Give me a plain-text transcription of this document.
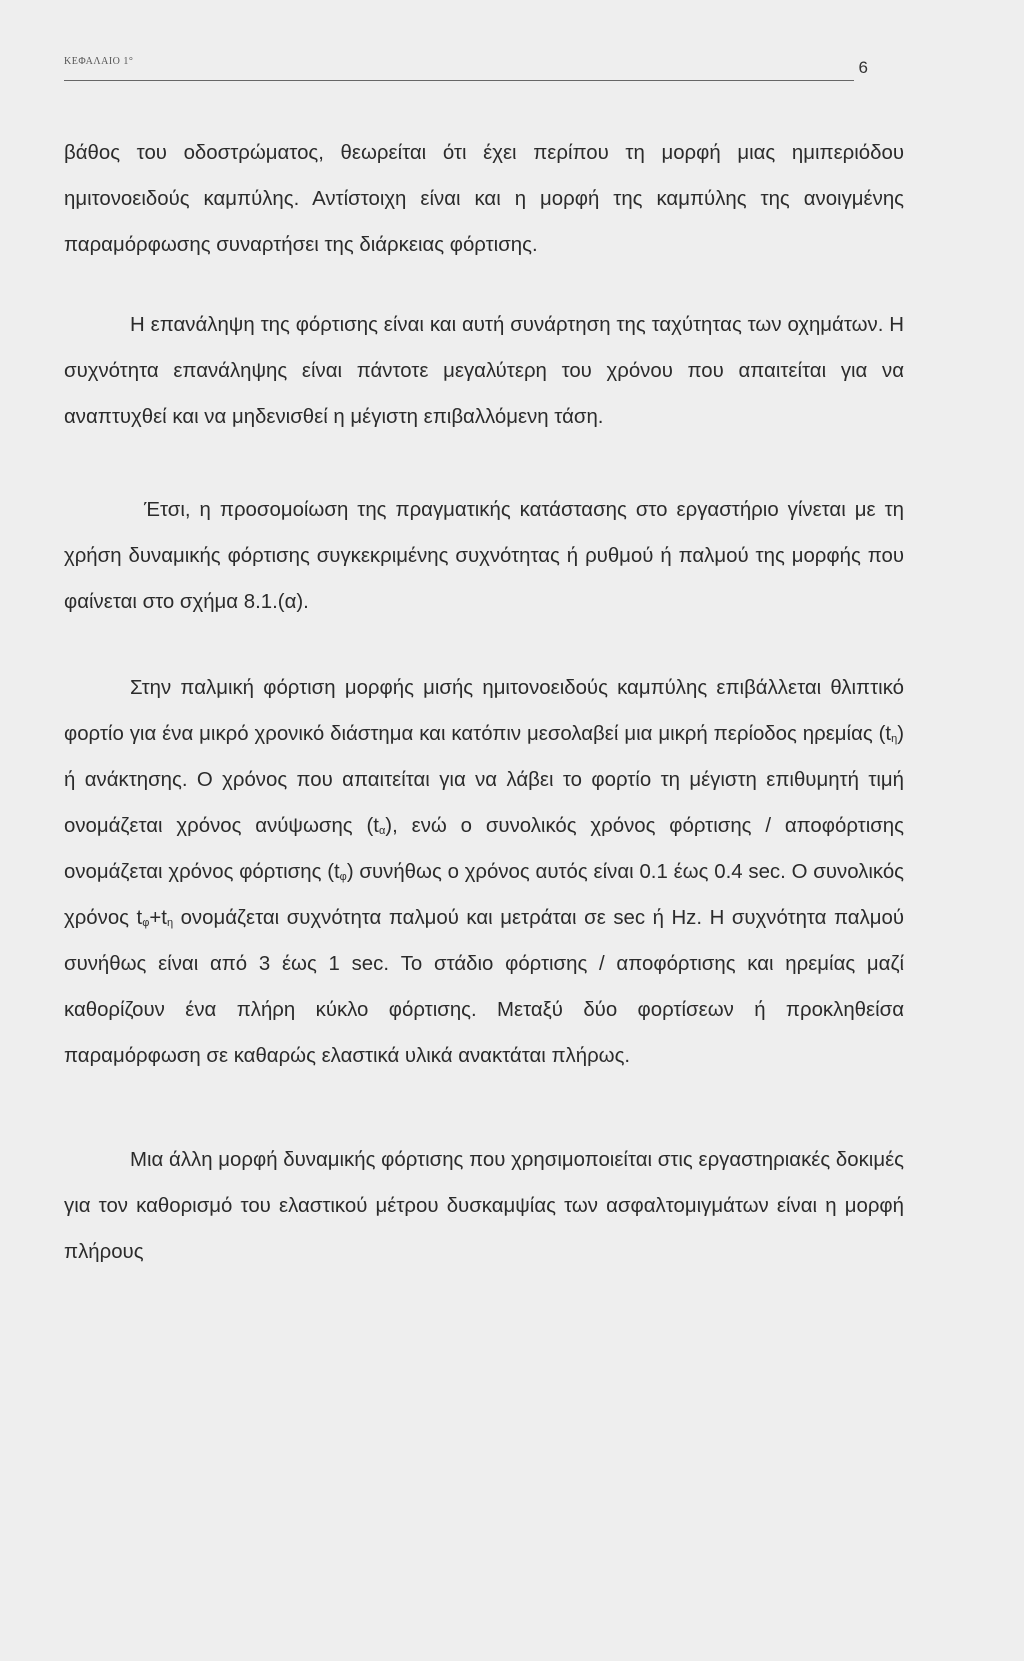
ΚΕΦΑΛΑΙΟ 1°	6

βάθος του οδοστρώματος, θεωρείται ότι έχει περίπου τη μορφή μιας ημιπεριόδου ημιτονοειδούς καμπύλης. Αντίστοιχη είναι και η μορφή της καμπύλης της ανοιγμένης παραμόρφωσης συναρτήσει της διάρκειας φόρτισης.

Η επανάληψη της φόρτισης είναι και αυτή συνάρτηση της ταχύτητας των οχημάτων. Η συχνότητα επανάληψης είναι πάντοτε μεγαλύτερη του χρόνου που απαιτείται για να αναπτυχθεί και να μηδενισθεί η μέγιστη επιβαλλόμενη τάση.

Έτσι, η προσομοίωση της πραγματικής κατάστασης στο εργαστήριο γίνεται με τη χρήση δυναμικής φόρτισης συγκεκριμένης συχνότητας ή ρυθμού ή παλμού της μορφής που φαίνεται στο σχήμα 8.1.(α).

Στην παλμική φόρτιση μορφής μισής ημιτονοειδούς καμπύλης επιβάλλεται θλιπτικό φορτίο για ένα μικρό χρονικό διάστημα και κατόπιν μεσολαβεί μια μικρή περίοδος ηρεμίας $(t_\eta)$ ή ανάκτησης. Ο χρόνος που απαιτείται για να λάβει το φορτίο τη μέγιστη επιθυμητή τιμή ονομάζεται χρόνος ανύψωσης $(t_\alpha)$, ενώ ο συνολικός χρόνος φόρτισης / αποφόρτισης ονομάζεται χρόνος φόρτισης $(t_\varphi)$ συνήθως ο χρόνος αυτός είναι 0.1 έως 0.4 sec. Ο συνολικός χρόνος $t_\varphi+t_\eta$ ονομάζεται συχνότητα παλμού και μετράται σε sec ή Hz. Η συχνότητα παλμού συνήθως είναι από 3 έως 1 sec. Το στάδιο φόρτισης / αποφόρτισης και ηρεμίας μαζί καθορίζουν ένα πλήρη κύκλο φόρτισης. Μεταξύ δύο φορτίσεων ή προκληθείσα παραμόρφωση σε καθαρώς ελαστικά υλικά ανακτάται πλήρως.

Μια άλλη μορφή δυναμικής φόρτισης που χρησιμοποιείται στις εργαστηριακές δοκιμές για τον καθορισμό του ελαστικού μέτρου δυσκαμψίας των ασφαλτομιγμάτων είναι η μορφή πλήρους
